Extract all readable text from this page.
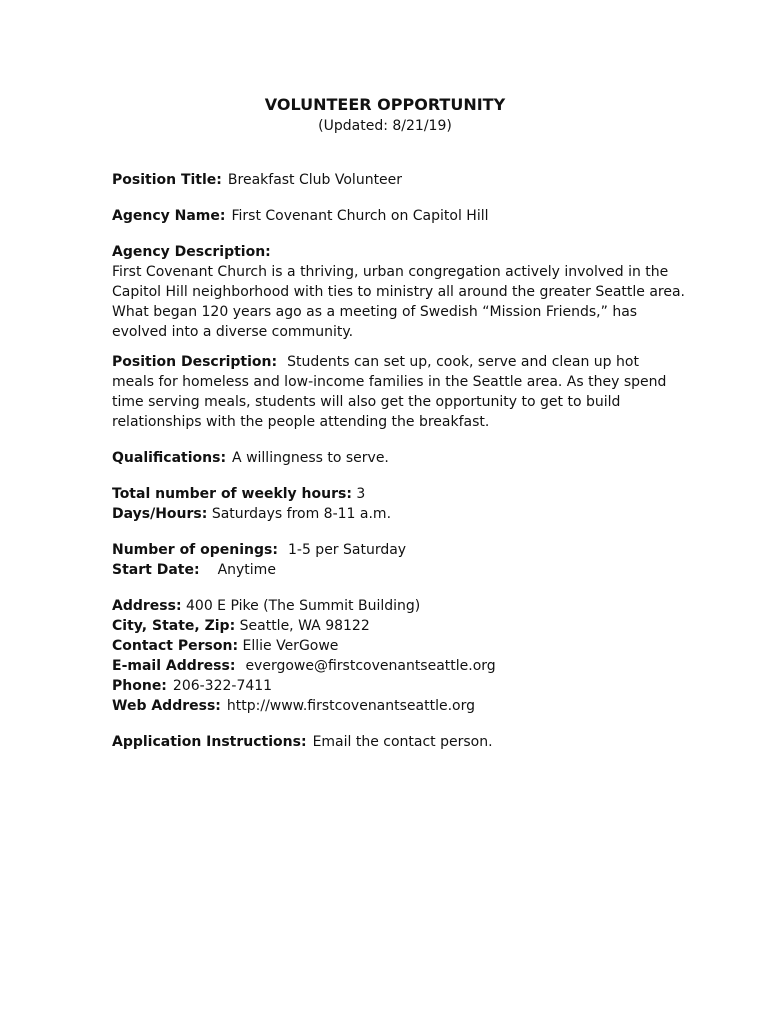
VOLUNTEER OPPORTUNITY
(Updated: 8/21/19)
Position Title: Breakfast Club Volunteer
Agency Name: First Covenant Church on Capitol Hill
Agency Description:
First Covenant Church is a thriving, urban congregation actively involved in the
Capitol Hill neighborhood with ties to ministry all around the greater Seattle area.
What began 120 years ago as a meeting of Swedish “Mission Friends,” has
evolved into a diverse community.
Position Description: Students can set up, cook, serve and clean up hot
meals for homeless and low-income families in the Seattle area. As they spend
time serving meals, students will also get the opportunity to get to build
relationships with the people attending the breakfast.
Qualifications: A willingness to serve.
Total number of weekly hours: 3
Days/Hours: Saturdays from 8-11 a.m.
Number of openings: 1-5 per Saturday
Start Date: Anytime
Address: 400 E Pike (The Summit Building)
City, State, Zip: Seattle, WA 98122
Contact Person: Ellie VerGowe
E-mail Address: evergowe@firstcovenantseattle.org
Phone: 206-322-7411
Web Address: http://www.firstcovenantseattle.org
Application Instructions: Email the contact person.
